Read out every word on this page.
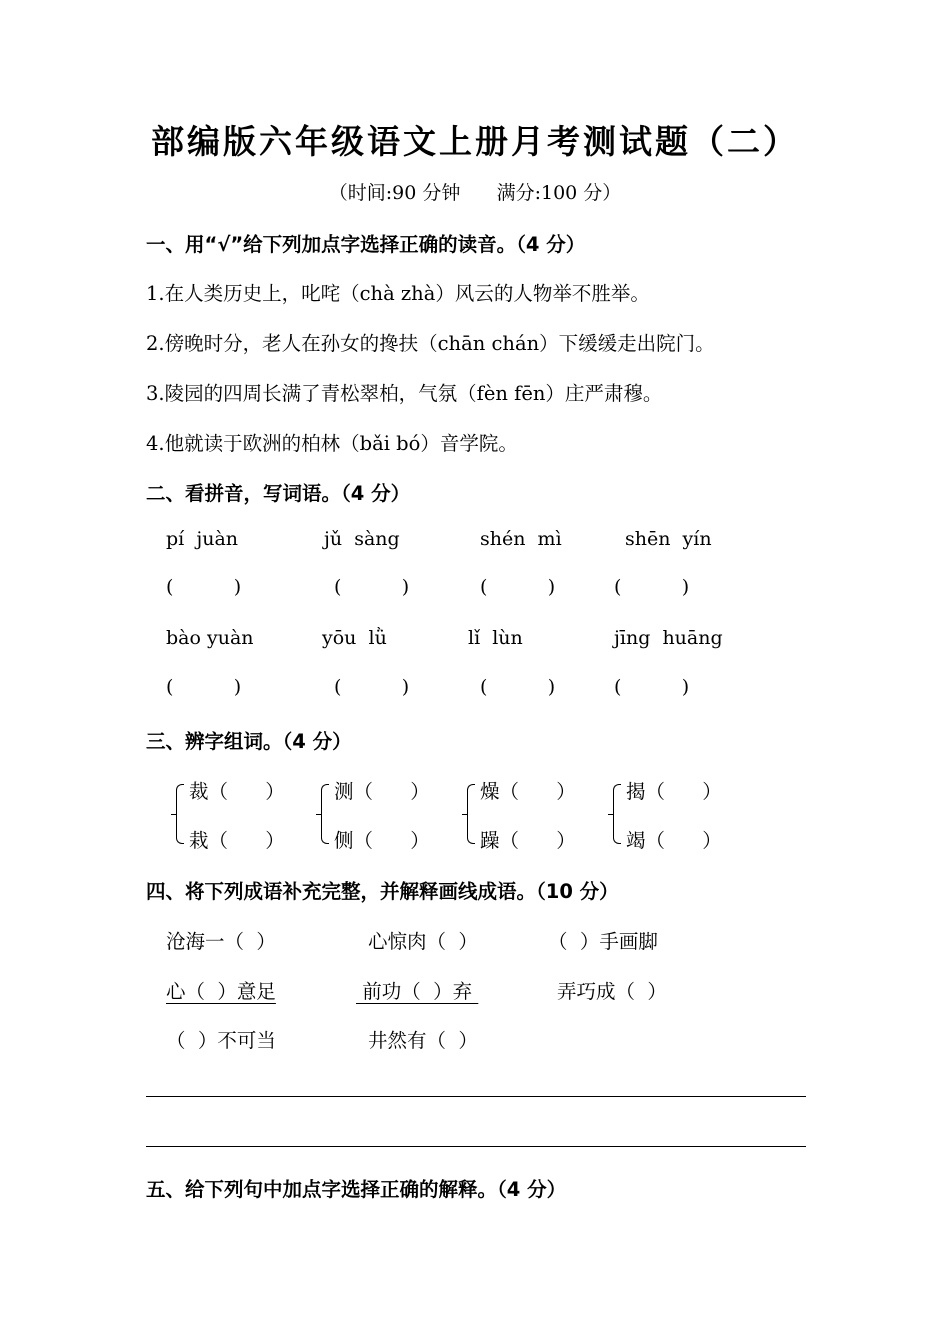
部编版六年级语文上册月考测试题（二）
（时间:90 分钟      满分:100 分）
一、用“√”给下列加点字选择正确的读音。（4 分）
1.在人类历史上，叱咤（chà zhà）风云的人物举不胜举。
2.傍晚时分，老人在孙女的搀扶（chān chán）下缓缓走出院门。
3.陵园的四周长满了青松翠柏，气氛（fèn fēn）庄严肃穆。
4.他就读于欧洲的柏林（bǎi bó）音学院。
二、看拼音，写词语。（4 分）
pí  juàn	jǔ  sàng	shén  mì	shēn  yín
(          )	(          )	(          )	(          )
bào yuàn	yōu  lǜ	lǐ  lùn	jīng  huāng
(          )	(          )	(          )	(          )
三、辨字组词。（4 分）
裁（      ）
栽（      ）
测（      ）
侧（      ）
燥（      ）
躁（      ）
揭（      ）
竭（      ）
四、将下列成语补充完整，并解释画线成语。（10 分）
沧海一（  ）	心惊肉（  ）	（  ）手画脚
心（  ）意足	前功（  ）弃	弄巧成（  ）
（  ）不可当	井然有（  ）
五、给下列句中加点字选择正确的解释。（4 分）
